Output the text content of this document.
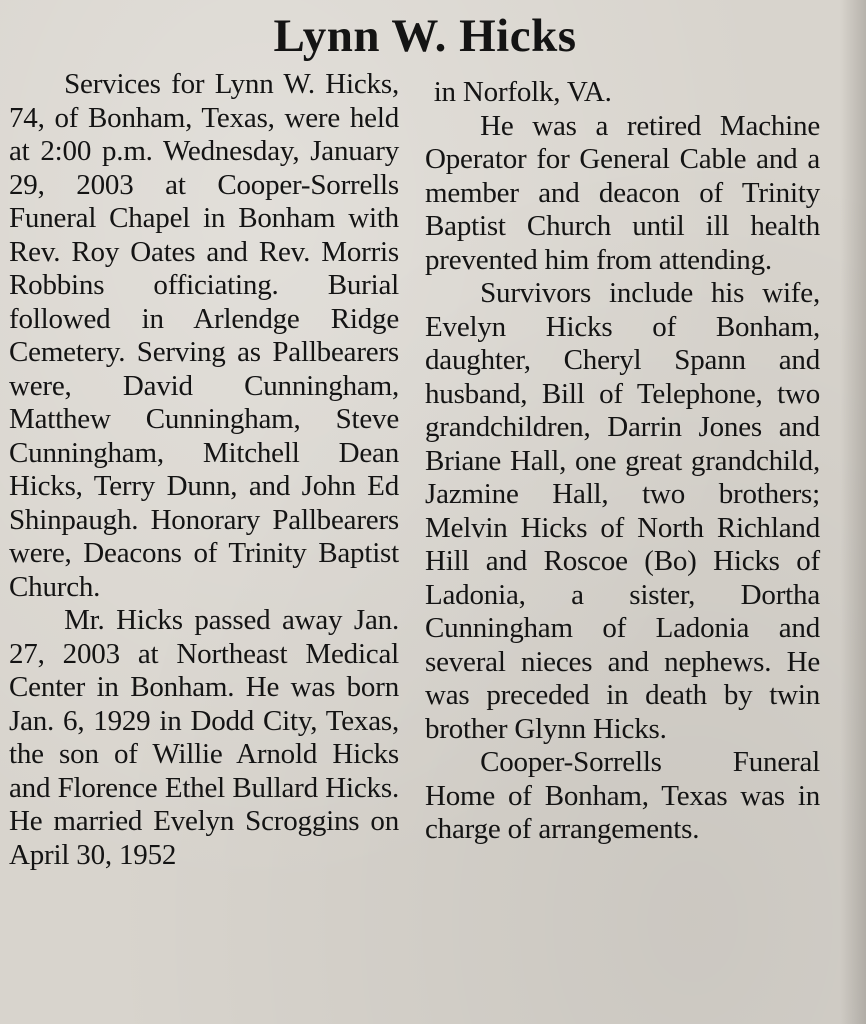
Lynn W. Hicks

Services for Lynn W. Hicks, 74, of Bonham, Texas, were held at 2:00 p.m. Wednesday, January 29, 2003 at Cooper-Sorrells Funeral Chapel in Bonham with Rev. Roy Oates and Rev. Morris Robbins officiating. Burial followed in Arlendge Ridge Cemetery. Serving as Pallbearers were, David Cunningham, Matthew Cunningham, Steve Cunningham, Mitchell Dean Hicks, Terry Dunn, and John Ed Shinpaugh. Honorary Pallbearers were, Deacons of Trinity Baptist Church.

Mr. Hicks passed away Jan. 27, 2003 at Northeast Medical Center in Bonham. He was born Jan. 6, 1929 in Dodd City, Texas, the son of Willie Arnold Hicks and Florence Ethel Bullard Hicks. He married Evelyn Scroggins on April 30, 1952

in Norfolk, VA.

He was a retired Machine Operator for General Cable and a member and deacon of Trinity Baptist Church until ill health prevented him from attending.

Survivors include his wife, Evelyn Hicks of Bonham, daughter, Cheryl Spann and husband, Bill of Telephone, two grandchildren, Darrin Jones and Briane Hall, one great grandchild, Jazmine Hall, two brothers; Melvin Hicks of North Richland Hill and Roscoe (Bo) Hicks of Ladonia, a sister, Dortha Cunningham of Ladonia and several nieces and nephews. He was preceded in death by twin brother Glynn Hicks.

Cooper-Sorrells Funeral Home of Bonham, Texas was in charge of arrangements.
